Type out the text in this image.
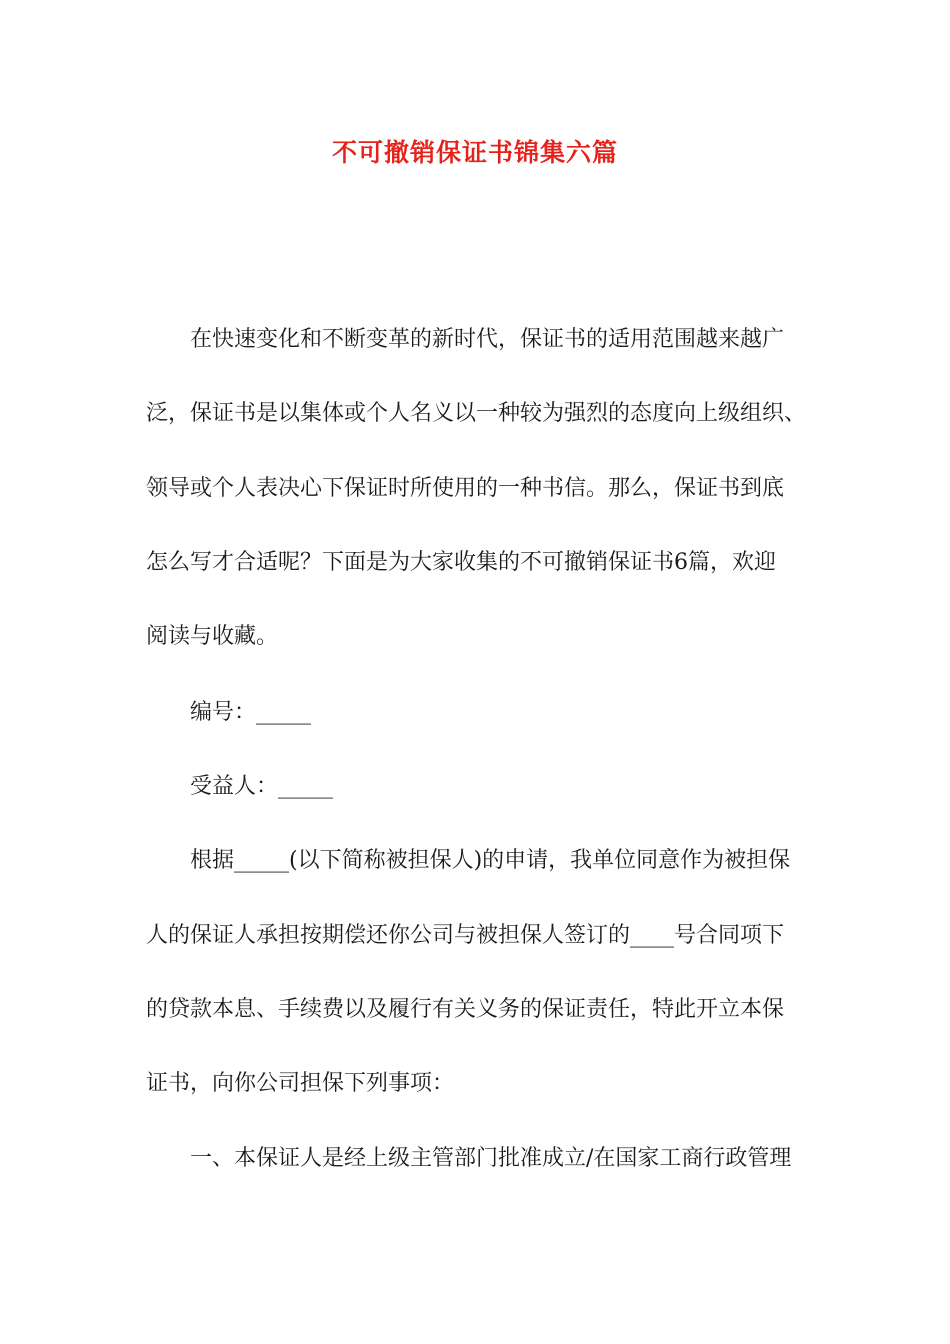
不可撤销保证书锦集六篇
在快速变化和不断变革的新时代，保证书的适用范围越来越广
泛，保证书是以集体或个人名义以一种较为强烈的态度向上级组织、
领导或个人表决心下保证时所使用的一种书信。那么，保证书到底
怎么写才合适呢？下面是为大家收集的不可撤销保证书6篇，欢迎
阅读与收藏。
编号：_____
受益人：_____
根据_____(以下简称被担保人)的申请，我单位同意作为被担保
人的保证人承担按期偿还你公司与被担保人签订的____号合同项下
的贷款本息、手续费以及履行有关义务的保证责任，特此开立本保
证书，向你公司担保下列事项：
一、本保证人是经上级主管部门批准成立/在国家工商行政管理
